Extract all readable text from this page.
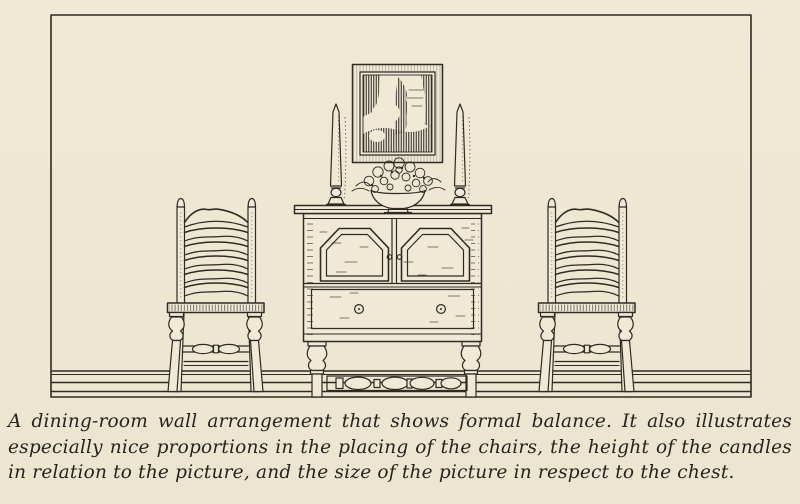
A dining-room wall arrangement that shows formal balance. It also illustrates
especially nice proportions in the placing of the chairs, the height of the candles
in relation to the picture, and the size of the picture in respect to the chest.
